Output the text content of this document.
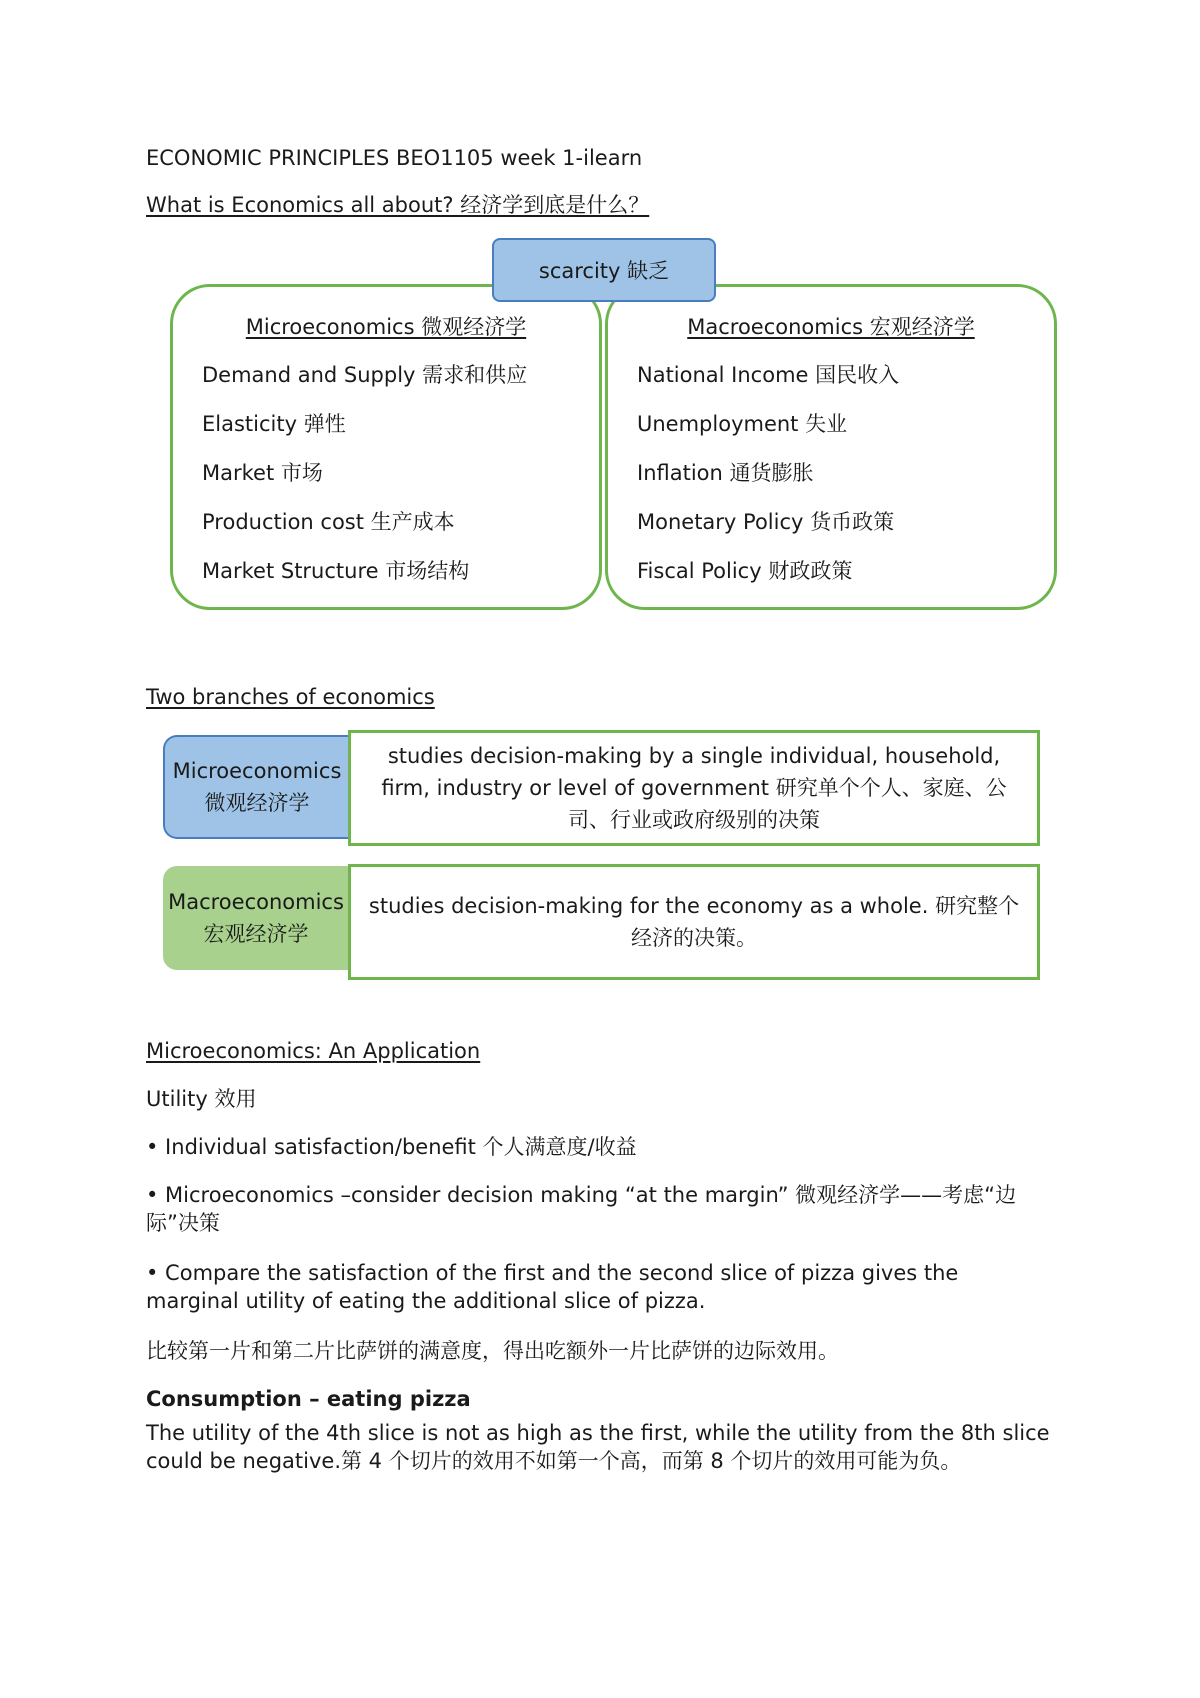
ECONOMIC PRINCIPLES BEO1105 week 1-ilearn
What is Economics all about? 经济学到底是什么？
Microeconomics 微观经济学
Demand and Supply 需求和供应
Elasticity 弹性
Market 市场
Production cost 生产成本
Market Structure 市场结构
Macroeconomics 宏观经济学
National Income 国民收入
Unemployment 失业
Inflation 通货膨胀
Monetary Policy 货币政策
Fiscal Policy 财政政策
scarcity 缺乏
Two branches of economics
Microeconomics 微观经济学
studies decision-making by a single individual, household, firm, industry or level of government 研究单个个人、家庭、公司、行业或政府级别的决策
Macroeconomics 宏观经济学
studies decision-making for the economy as a whole. 研究整个经济的决策。
Microeconomics: An Application
Utility 效用
• Individual satisfaction/benefit 个人满意度/收益
• Microeconomics –consider decision making “at the margin” 微观经济学——考虑“边际”决策
• Compare the satisfaction of the first and the second slice of pizza gives the marginal utility of eating the additional slice of pizza.
比较第一片和第二片比萨饼的满意度，得出吃额外一片比萨饼的边际效用。
Consumption – eating pizza
The utility of the 4th slice is not as high as the first, while the utility from the 8th slice could be negative.第 4 个切片的效用不如第一个高，而第 8 个切片的效用可能为负。
